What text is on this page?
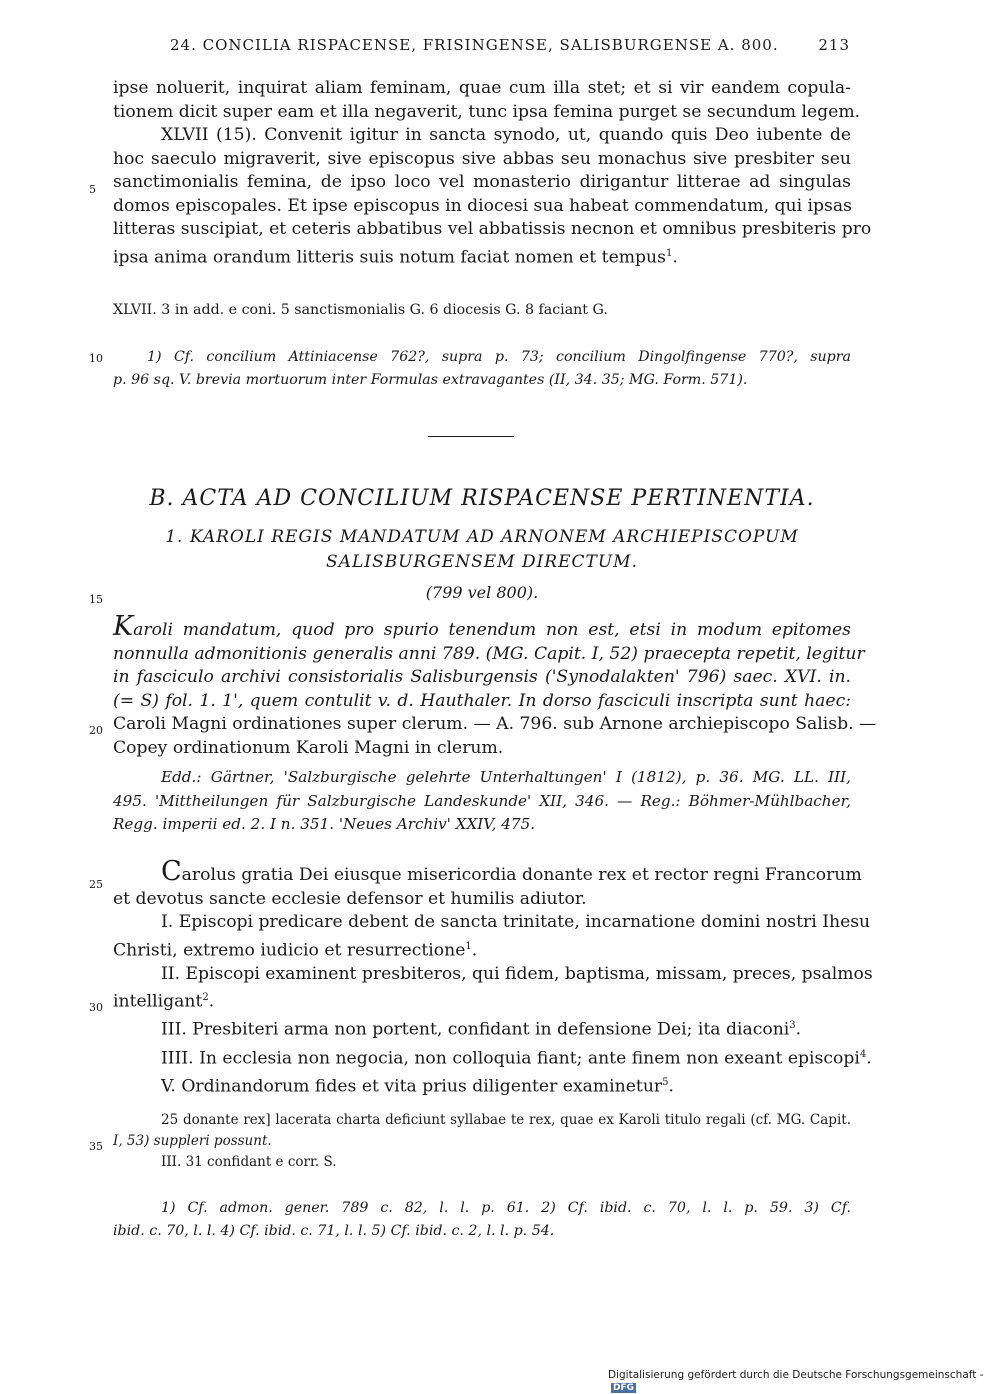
24. CONCILIA RISPACENSE, FRISINGENSE, SALISBURGENSE A. 800.	213
ipse noluerit, inquirat aliam feminam, quae cum illa stet; et si vir eandem copula-
tionem dicit super eam et illa negaverit, tunc ipsa femina purget se secundum legem.
XLVII (15). Convenit igitur in sancta synodo, ut, quando quis Deo iubente de
hoc saeculo migraverit, sive episcopus sive abbas seu monachus sive presbiter seu
sanctimonialis femina, de ipso loco vel monasterio dirigantur litterae ad singulas
domos episcopales. Et ipse episcopus in diocesi sua habeat commendatum, qui ipsas
litteras suscipiat, et ceteris abbatibus vel abbatissis necnon et omnibus presbiteris pro
ipsa anima orandum litteris suis notum faciat nomen et tempus$^1$.
5
XLVII. 3 in add. e coni. 5 sanctismonialis G. 6 diocesis G. 8 faciant G.
10	1) Cf. concilium Attiniacense 762?, supra p. 73; concilium Dingolfingense 770?, supra
p. 96 sq. V. brevia mortuorum inter Formulas extravagantes (II, 34. 35; MG. Form. 571).
B. ACTA AD CONCILIUM RISPACENSE PERTINENTIA.
1. KAROLI REGIS MANDATUM AD ARNONEM ARCHIEPISCOPUM
SALISBURGENSEM DIRECTUM.
(799 vel 800).
15
Karoli mandatum, quod pro spurio tenendum non est, etsi in modum epitomes
nonnulla admonitionis generalis anni 789. (MG. Capit. I, 52) praecepta repetit, legitur
in fasciculo archivi consistorialis Salisburgensis ('Synodalakten' 796) saec. XVI. in.
(= S) fol. 1. 1', quem contulit v. d. Hauthaler. In dorso fasciculi inscripta sunt haec:
Caroli Magni ordinationes super clerum. — A. 796. sub Arnone archiepiscopo Salisb. —
Copey ordinationum Karoli Magni in clerum.
20
Edd.: Gärtner, 'Salzburgische gelehrte Unterhaltungen' I (1812), p. 36. MG. LL. III,
495. 'Mittheilungen für Salzburgische Landeskunde' XII, 346. — Reg.: Böhmer-Mühlbacher,
Regg. imperii ed. 2. I n. 351. 'Neues Archiv' XXIV, 475.
25	Carolus gratia Dei eiusque misericordia donante rex et rector regni Francorum
et devotus sancte ecclesie defensor et humilis adiutor.
I. Episcopi predicare debent de sancta trinitate, incarnatione domini nostri Ihesu
Christi, extremo iudicio et resurrectione$^1$.
II. Episcopi examinent presbiteros, qui fidem, baptisma, missam, preces, psalmos
intelligant$^2$.
III. Presbiteri arma non portent, confidant in defensione Dei; ita diaconi$^3$.
IIII. In ecclesia non negocia, non colloquia fiant; ante finem non exeant episcopi$^4$.
V. Ordinandorum fides et vita prius diligenter examinetur$^5$.
30
25 donante rex] lacerata charta deficiunt syllabae te rex, quae ex Karoli titulo regali (cf. MG. Capit.
I, 53) suppleri possunt.
III. 31 confidant e corr. S.
35
1) Cf. admon. gener. 789 c. 82, l. l. p. 61. 2) Cf. ibid. c. 70, l. l. p. 59. 3) Cf.
ibid. c. 70, l. l. 4) Cf. ibid. c. 71, l. l. 5) Cf. ibid. c. 2, l. l. p. 54.
Digitalisierung gefördert durch die Deutsche Forschungsgemeinschaft -DFG
